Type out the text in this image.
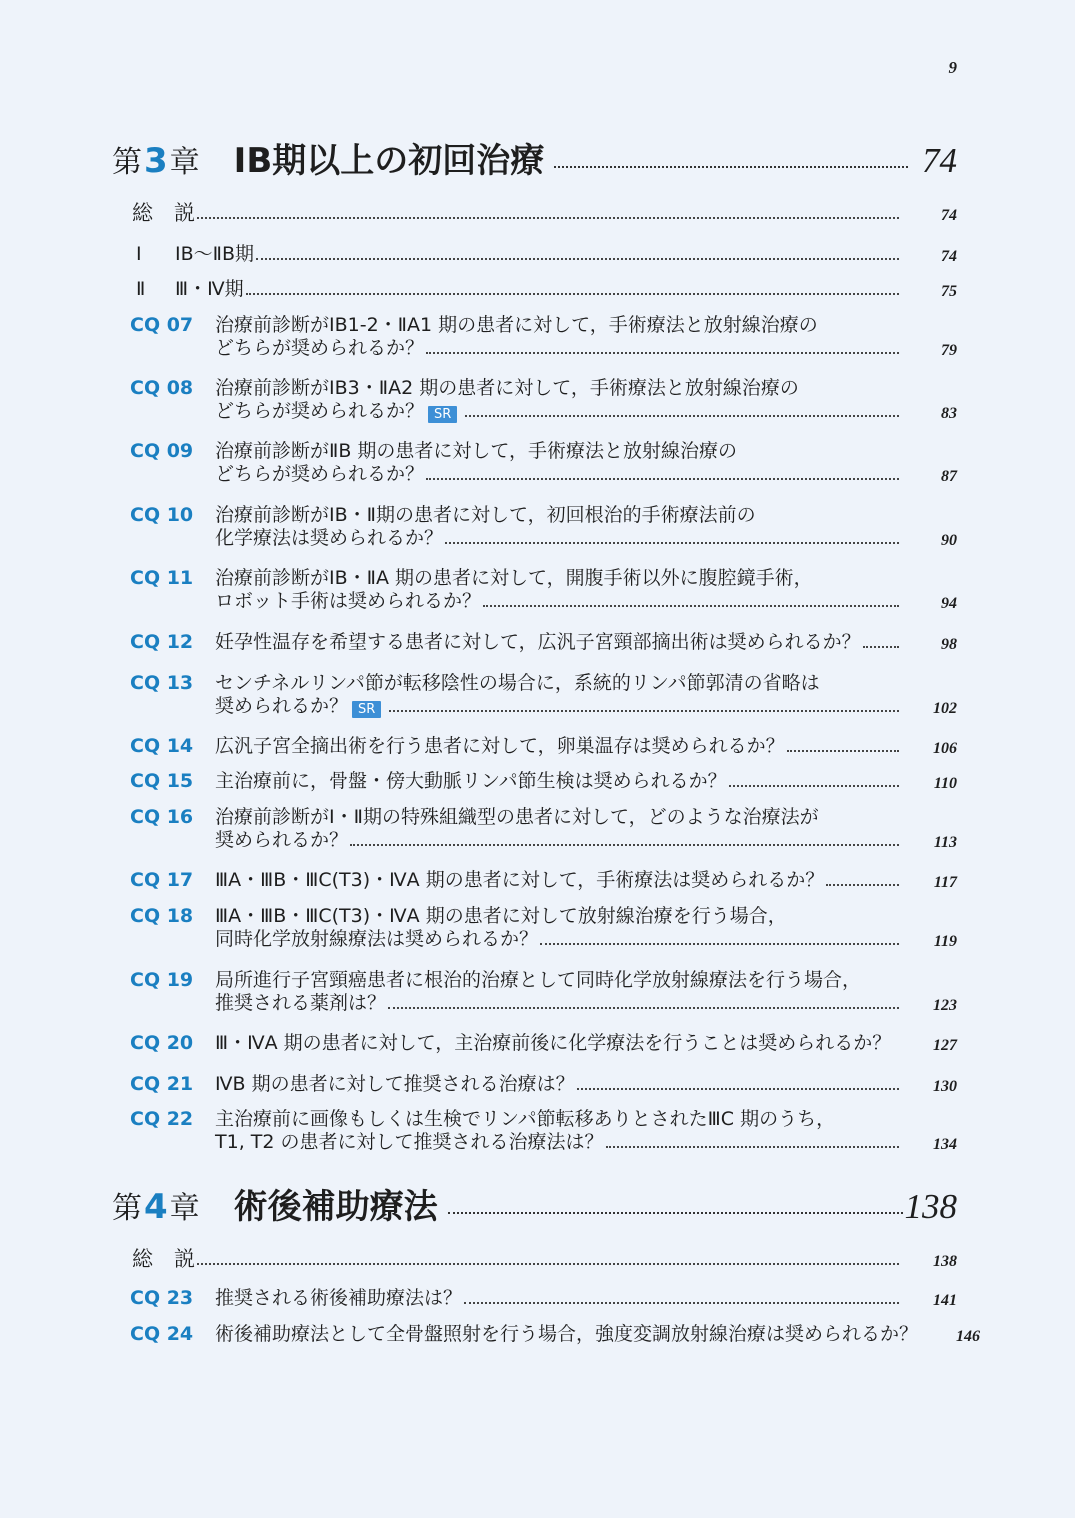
9
第3章 ⅠB期以上の初回治療	74
総　説	74
Ⅰ ⅠB～ⅡB期	74
Ⅱ Ⅲ・Ⅳ期	75
CQ 07 治療前診断がⅠB1-2・ⅡA1 期の患者に対して，手術療法と放射線治療の
どちらが奨められるか？	79
CQ 08 治療前診断がⅠB3・ⅡA2 期の患者に対して，手術療法と放射線治療の
どちらが奨められるか？ SR	83
CQ 09 治療前診断がⅡB 期の患者に対して，手術療法と放射線治療の
どちらが奨められるか？	87
CQ 10 治療前診断がⅠB・Ⅱ期の患者に対して，初回根治的手術療法前の
化学療法は奨められるか？	90
CQ 11 治療前診断がⅠB・ⅡA 期の患者に対して，開腹手術以外に腹腔鏡手術，
ロボット手術は奨められるか？	94
CQ 12 妊孕性温存を希望する患者に対して，広汎子宮頸部摘出術は奨められるか？	98
CQ 13 センチネルリンパ節が転移陰性の場合に，系統的リンパ節郭清の省略は
奨められるか？ SR	102
CQ 14 広汎子宮全摘出術を行う患者に対して，卵巣温存は奨められるか？	106
CQ 15 主治療前に，骨盤・傍大動脈リンパ節生検は奨められるか？	110
CQ 16 治療前診断がⅠ・Ⅱ期の特殊組織型の患者に対して，どのような治療法が
奨められるか？	113
CQ 17 ⅢA・ⅢB・ⅢC(T3)・ⅣA 期の患者に対して，手術療法は奨められるか？	117
CQ 18 ⅢA・ⅢB・ⅢC(T3)・ⅣA 期の患者に対して放射線治療を行う場合，
同時化学放射線療法は奨められるか？	119
CQ 19 局所進行子宮頸癌患者に根治的治療として同時化学放射線療法を行う場合，
推奨される薬剤は？	123
CQ 20 Ⅲ・ⅣA 期の患者に対して，主治療前後に化学療法を行うことは奨められるか？	127
CQ 21 ⅣB 期の患者に対して推奨される治療は？	130
CQ 22 主治療前に画像もしくは生検でリンパ節転移ありとされたⅢC 期のうち，
T1, T2 の患者に対して推奨される治療法は？	134
第4章 術後補助療法	138
総　説	138
CQ 23 推奨される術後補助療法は？	141
CQ 24 術後補助療法として全骨盤照射を行う場合，強度変調放射線治療は奨められるか？ 146
